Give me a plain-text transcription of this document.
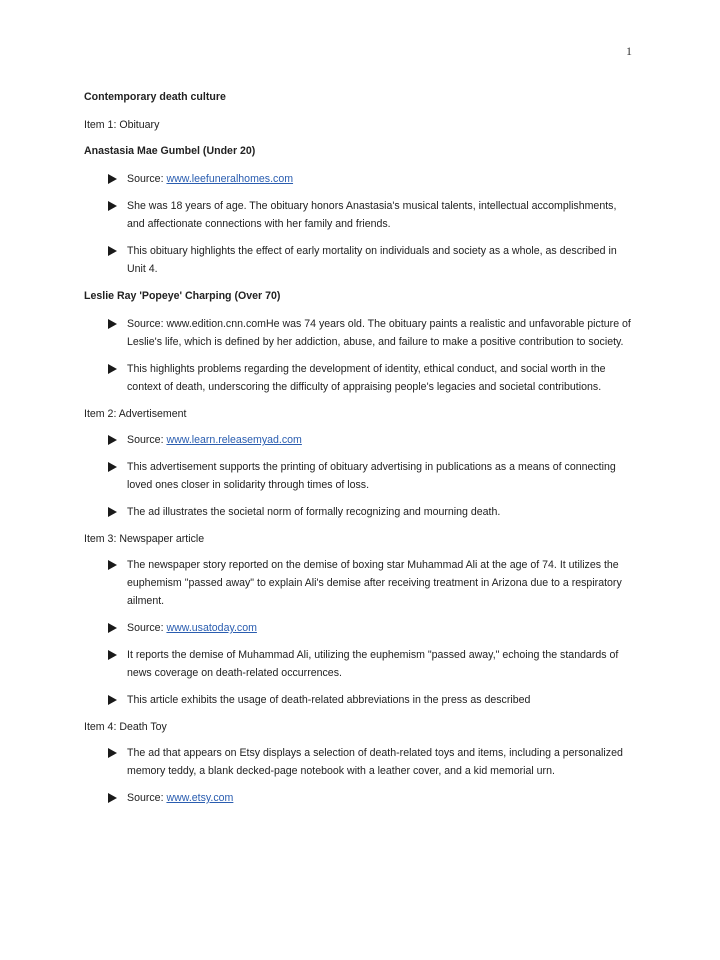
1
Contemporary death culture
Item 1: Obituary
Anastasia Mae Gumbel (Under 20)
Source: www.leefuneralhomes.com
She was 18 years of age. The obituary honors Anastasia's musical talents, intellectual accomplishments, and affectionate connections with her family and friends.
This obituary highlights the effect of early mortality on individuals and society as a whole, as described in Unit 4.
Leslie Ray 'Popeye' Charping (Over 70)
Source: www.edition.cnn.comHe was 74 years old. The obituary paints a realistic and unfavorable picture of Leslie's life, which is defined by her addiction, abuse, and failure to make a positive contribution to society.
This highlights problems regarding the development of identity, ethical conduct, and social worth in the context of death, underscoring the difficulty of appraising people's legacies and societal contributions.
Item 2: Advertisement
Source: www.learn.releasemyad.com
This advertisement supports the printing of obituary advertising in publications as a means of connecting loved ones closer in solidarity through times of loss.
The ad illustrates the societal norm of formally recognizing and mourning death.
Item 3: Newspaper article
The newspaper story reported on the demise of boxing star Muhammad Ali at the age of 74. It utilizes the euphemism "passed away" to explain Ali's demise after receiving treatment in Arizona due to a respiratory ailment.
Source: www.usatoday.com
It reports the demise of Muhammad Ali, utilizing the euphemism "passed away," echoing the standards of news coverage on death-related occurrences.
This article exhibits the usage of death-related abbreviations in the press as described
Item 4: Death Toy
The ad that appears on Etsy displays a selection of death-related toys and items, including a personalized memory teddy, a blank decked-page notebook with a leather cover, and a kid memorial urn.
Source: www.etsy.com
